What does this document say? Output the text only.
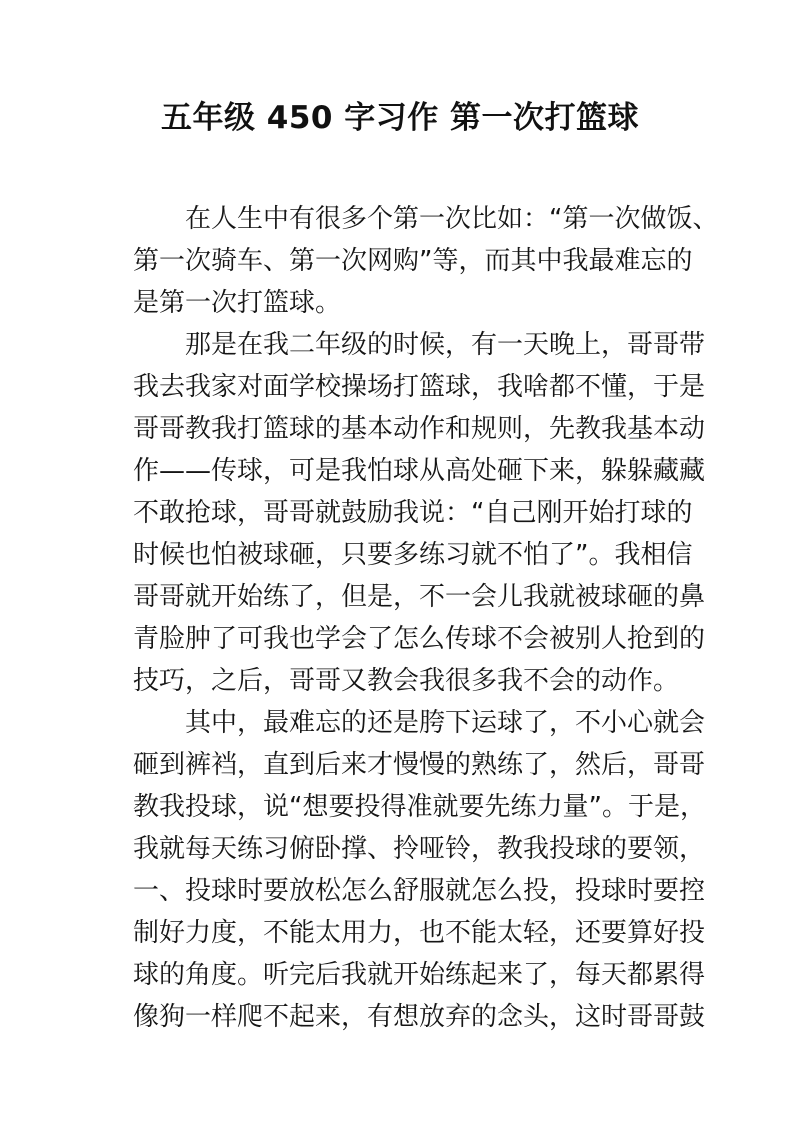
五年级 450 字习作 第一次打篮球
在人生中有很多个第一次比如：“第一次做饭、
第一次骑车、第一次网购”等，而其中我最难忘的
是第一次打篮球。
那是在我二年级的时候，有一天晚上，哥哥带
我去我家对面学校操场打篮球，我啥都不懂，于是
哥哥教我打篮球的基本动作和规则，先教我基本动
作——传球，可是我怕球从高处砸下来，躲躲藏藏
不敢抢球，哥哥就鼓励我说：“自己刚开始打球的
时候也怕被球砸，只要多练习就不怕了”。我相信
哥哥就开始练了，但是，不一会儿我就被球砸的鼻
青脸肿了可我也学会了怎么传球不会被别人抢到的
技巧，之后，哥哥又教会我很多我不会的动作。
其中，最难忘的还是胯下运球了，不小心就会
砸到裤裆，直到后来才慢慢的熟练了，然后，哥哥
教我投球，说“想要投得准就要先练力量”。于是，
我就每天练习俯卧撑、拎哑铃，教我投球的要领，
一、投球时要放松怎么舒服就怎么投，投球时要控
制好力度，不能太用力，也不能太轻，还要算好投
球的角度。听完后我就开始练起来了，每天都累得
像狗一样爬不起来，有想放弃的念头，这时哥哥鼓
